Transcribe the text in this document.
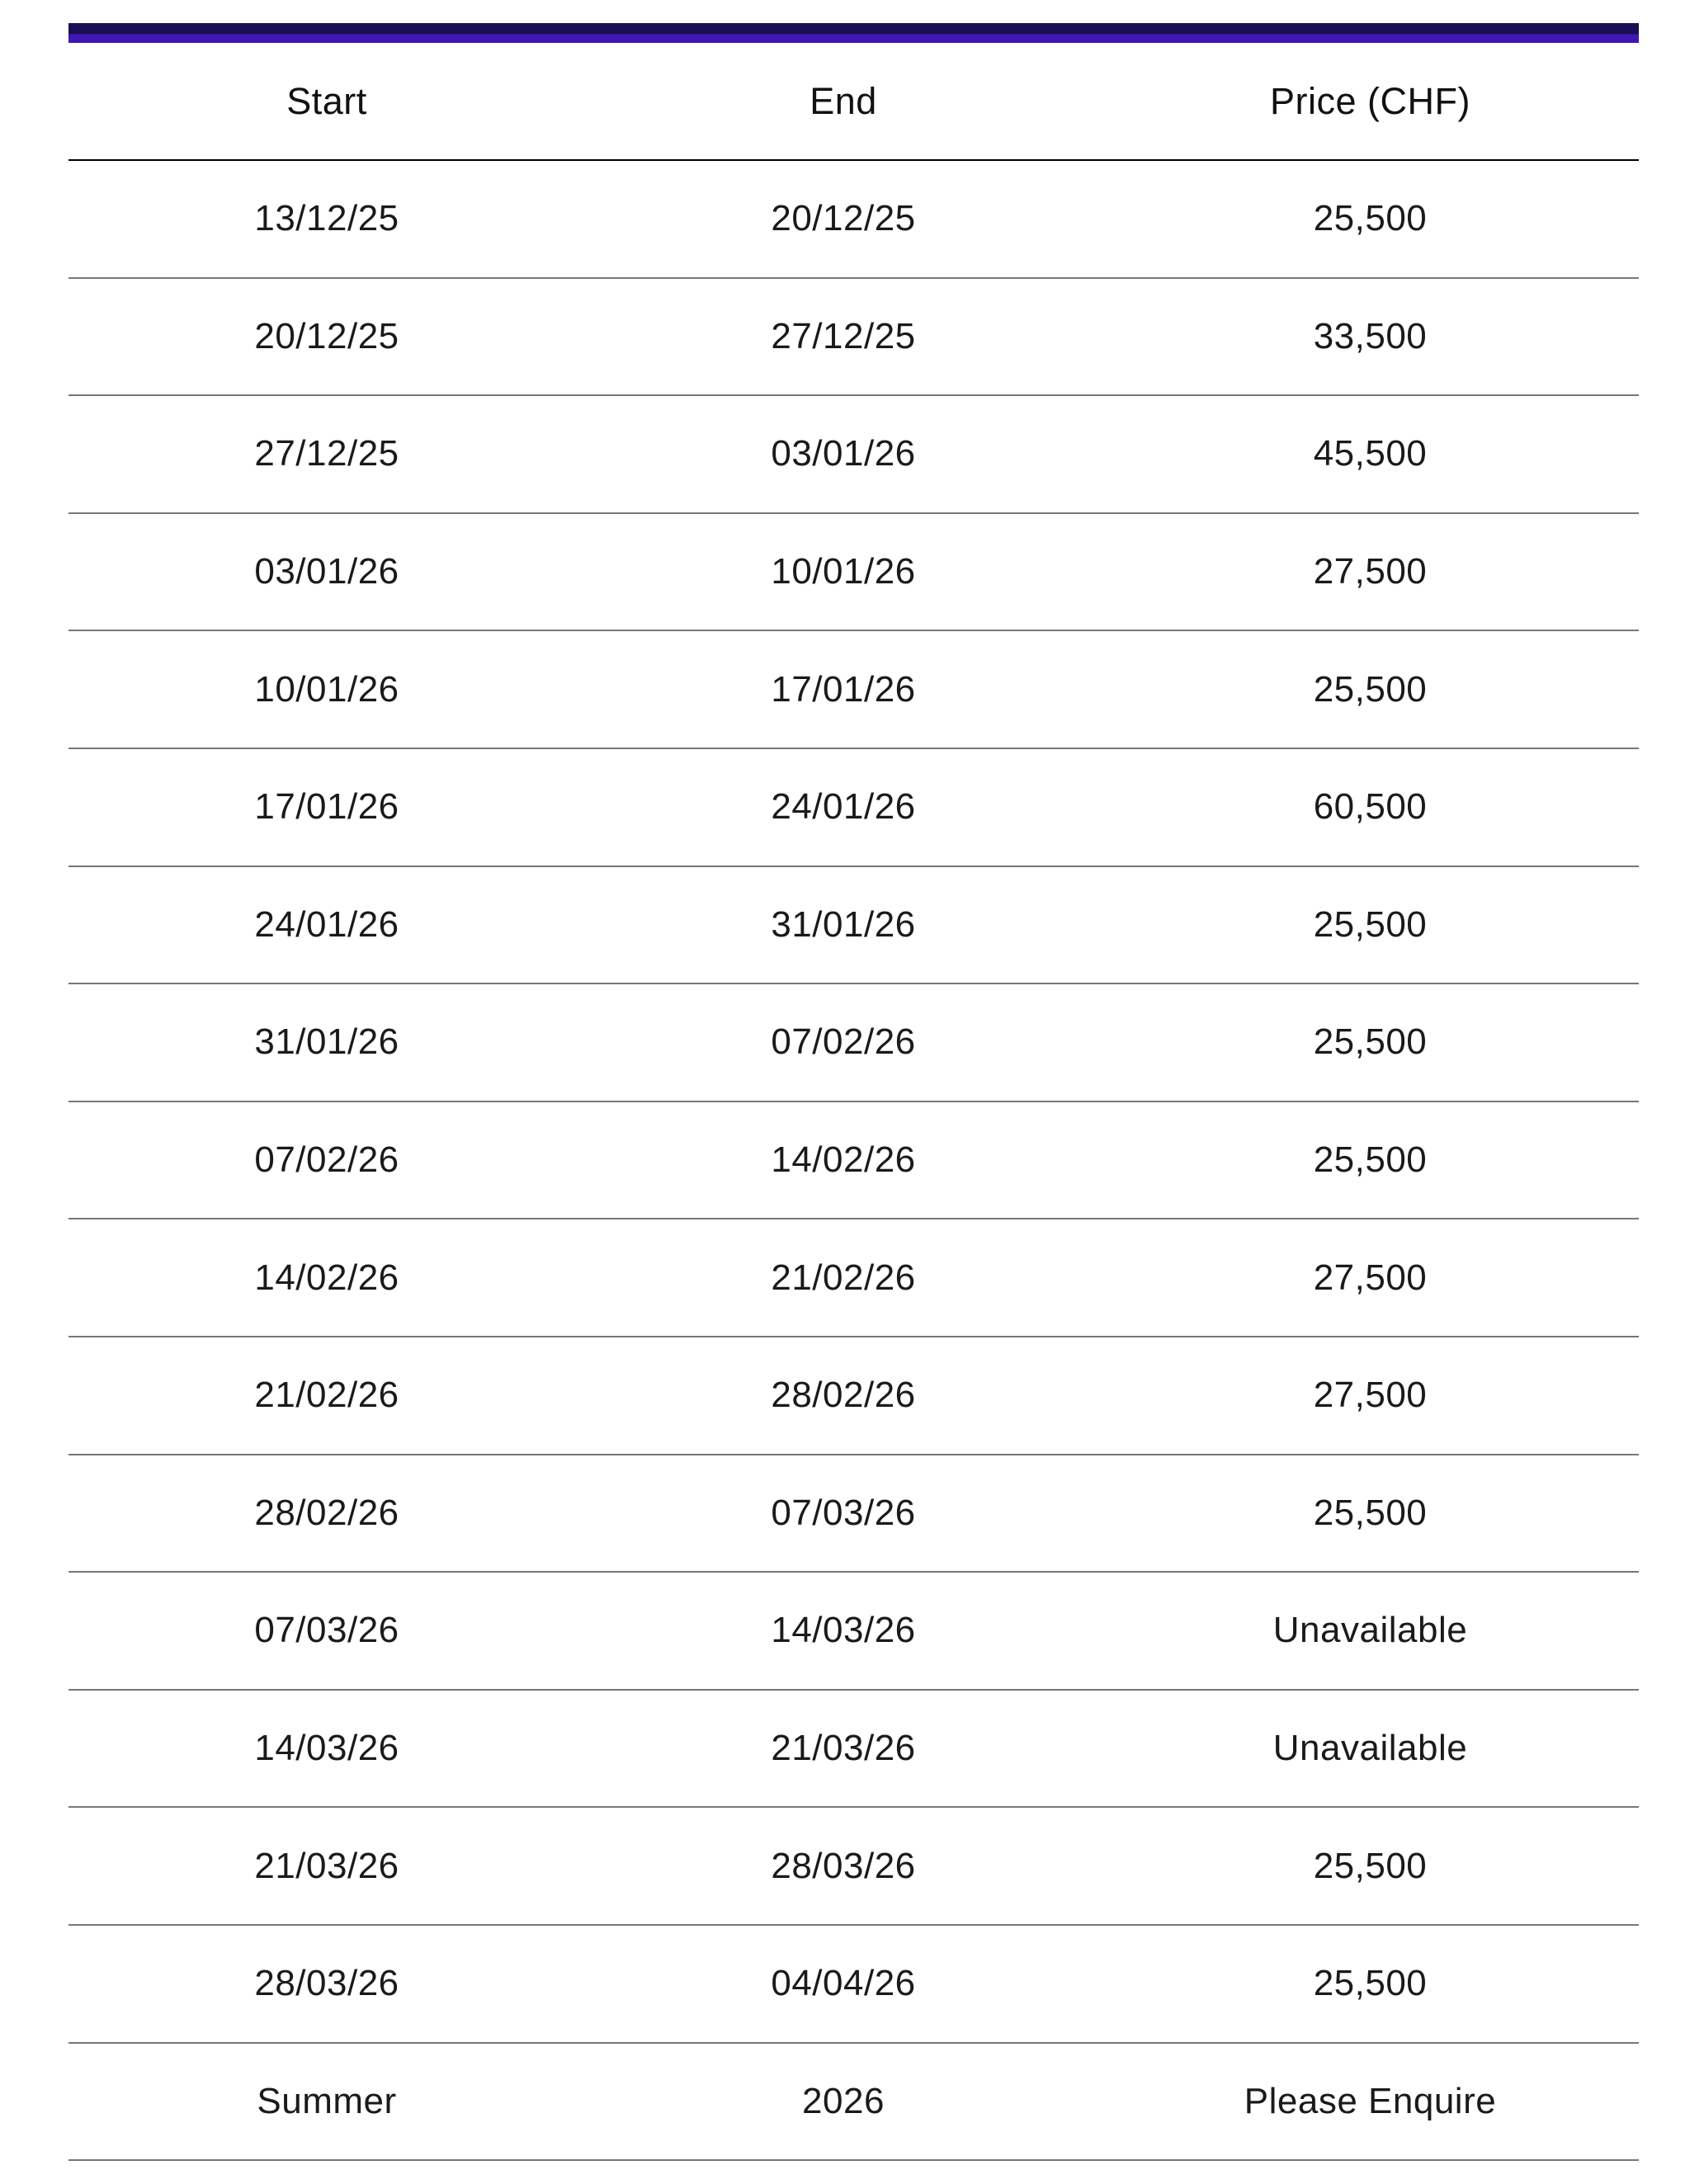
Start	End	Price (CHF)
13/12/25	20/12/25	25,500
20/12/25	27/12/25	33,500
27/12/25	03/01/26	45,500
03/01/26	10/01/26	27,500
10/01/26	17/01/26	25,500
17/01/26	24/01/26	60,500
24/01/26	31/01/26	25,500
31/01/26	07/02/26	25,500
07/02/26	14/02/26	25,500
14/02/26	21/02/26	27,500
21/02/26	28/02/26	27,500
28/02/26	07/03/26	25,500
07/03/26	14/03/26	Unavailable
14/03/26	21/03/26	Unavailable
21/03/26	28/03/26	25,500
28/03/26	04/04/26	25,500
Summer	2026	Please Enquire
